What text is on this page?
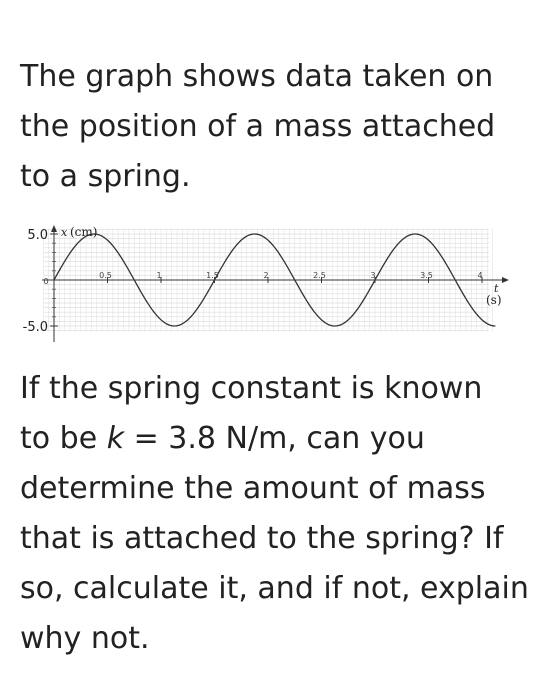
The graph shows data taken on

the position of a mass attached

to a spring.

5.0
-5.0
0
0.5	1	1.5	2	2.5	3	3.5	4
x (cm)
t
(s)

If the spring constant is known

to be k = 3.8 N/m, can you

determine the amount of mass

that is attached to the spring? If

so, calculate it, and if not, explain

why not.
